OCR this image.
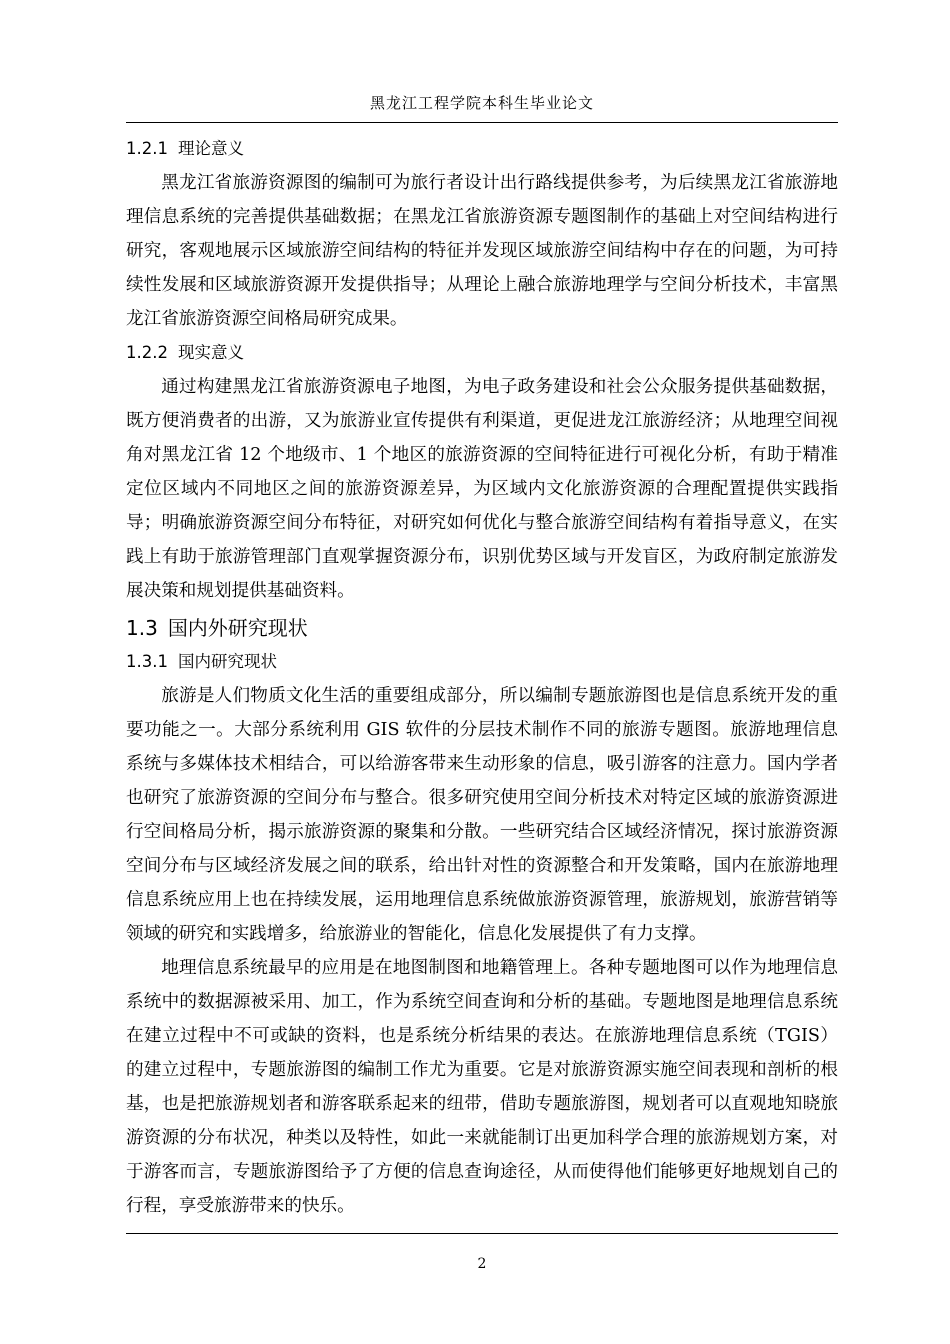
黑龙江工程学院本科生毕业论文
1.2.1 理论意义

黑龙江省旅游资源图的编制可为旅行者设计出行路线提供参考，为后续黑龙江省旅游地理信息系统的完善提供基础数据；在黑龙江省旅游资源专题图制作的基础上对空间结构进行研究，客观地展示区域旅游空间结构的特征并发现区域旅游空间结构中存在的问题，为可持续性发展和区域旅游资源开发提供指导；从理论上融合旅游地理学与空间分析技术，丰富黑龙江省旅游资源空间格局研究成果。

1.2.2 现实意义

通过构建黑龙江省旅游资源电子地图，为电子政务建设和社会公众服务提供基础数据，既方便消费者的出游，又为旅游业宣传提供有利渠道，更促进龙江旅游经济；从地理空间视角对黑龙江省 12 个地级市、1 个地区的旅游资源的空间特征进行可视化分析，有助于精准定位区域内不同地区之间的旅游资源差异，为区域内文化旅游资源的合理配置提供实践指导；明确旅游资源空间分布特征，对研究如何优化与整合旅游空间结构有着指导意义，在实践上有助于旅游管理部门直观掌握资源分布，识别优势区域与开发盲区，为政府制定旅游发展决策和规划提供基础资料。

1.3 国内外研究现状
1.3.1 国内研究现状

旅游是人们物质文化生活的重要组成部分，所以编制专题旅游图也是信息系统开发的重要功能之一。大部分系统利用 GIS 软件的分层技术制作不同的旅游专题图。旅游地理信息系统与多媒体技术相结合，可以给游客带来生动形象的信息，吸引游客的注意力。国内学者也研究了旅游资源的空间分布与整合。很多研究使用空间分析技术对特定区域的旅游资源进行空间格局分析，揭示旅游资源的聚集和分散。一些研究结合区域经济情况，探讨旅游资源空间分布与区域经济发展之间的联系，给出针对性的资源整合和开发策略，国内在旅游地理信息系统应用上也在持续发展，运用地理信息系统做旅游资源管理，旅游规划，旅游营销等领域的研究和实践增多，给旅游业的智能化，信息化发展提供了有力支撑。

地理信息系统最早的应用是在地图制图和地籍管理上。各种专题地图可以作为地理信息系统中的数据源被采用、加工，作为系统空间查询和分析的基础。专题地图是地理信息系统在建立过程中不可或缺的资料，也是系统分析结果的表达。在旅游地理信息系统（TGIS）的建立过程中，专题旅游图的编制工作尤为重要。它是对旅游资源实施空间表现和剖析的根基，也是把旅游规划者和游客联系起来的纽带，借助专题旅游图，规划者可以直观地知晓旅游资源的分布状况，种类以及特性，如此一来就能制订出更加科学合理的旅游规划方案，对于游客而言，专题旅游图给予了方便的信息查询途径，从而使得他们能够更好地规划自己的行程，享受旅游带来的快乐。

2
